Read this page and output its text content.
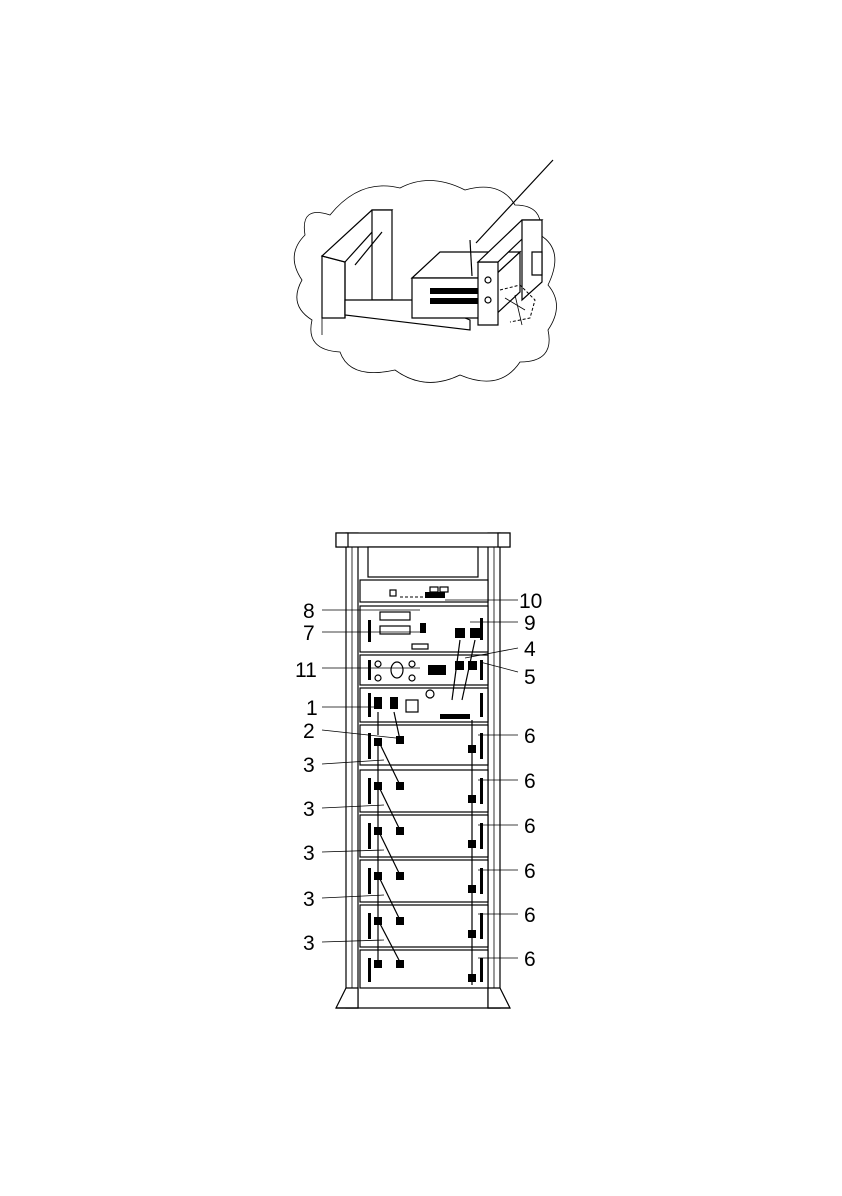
8
7
11
1
2
3
3
3
3
3
10
9
4
5
6
6
6
6
6
6
